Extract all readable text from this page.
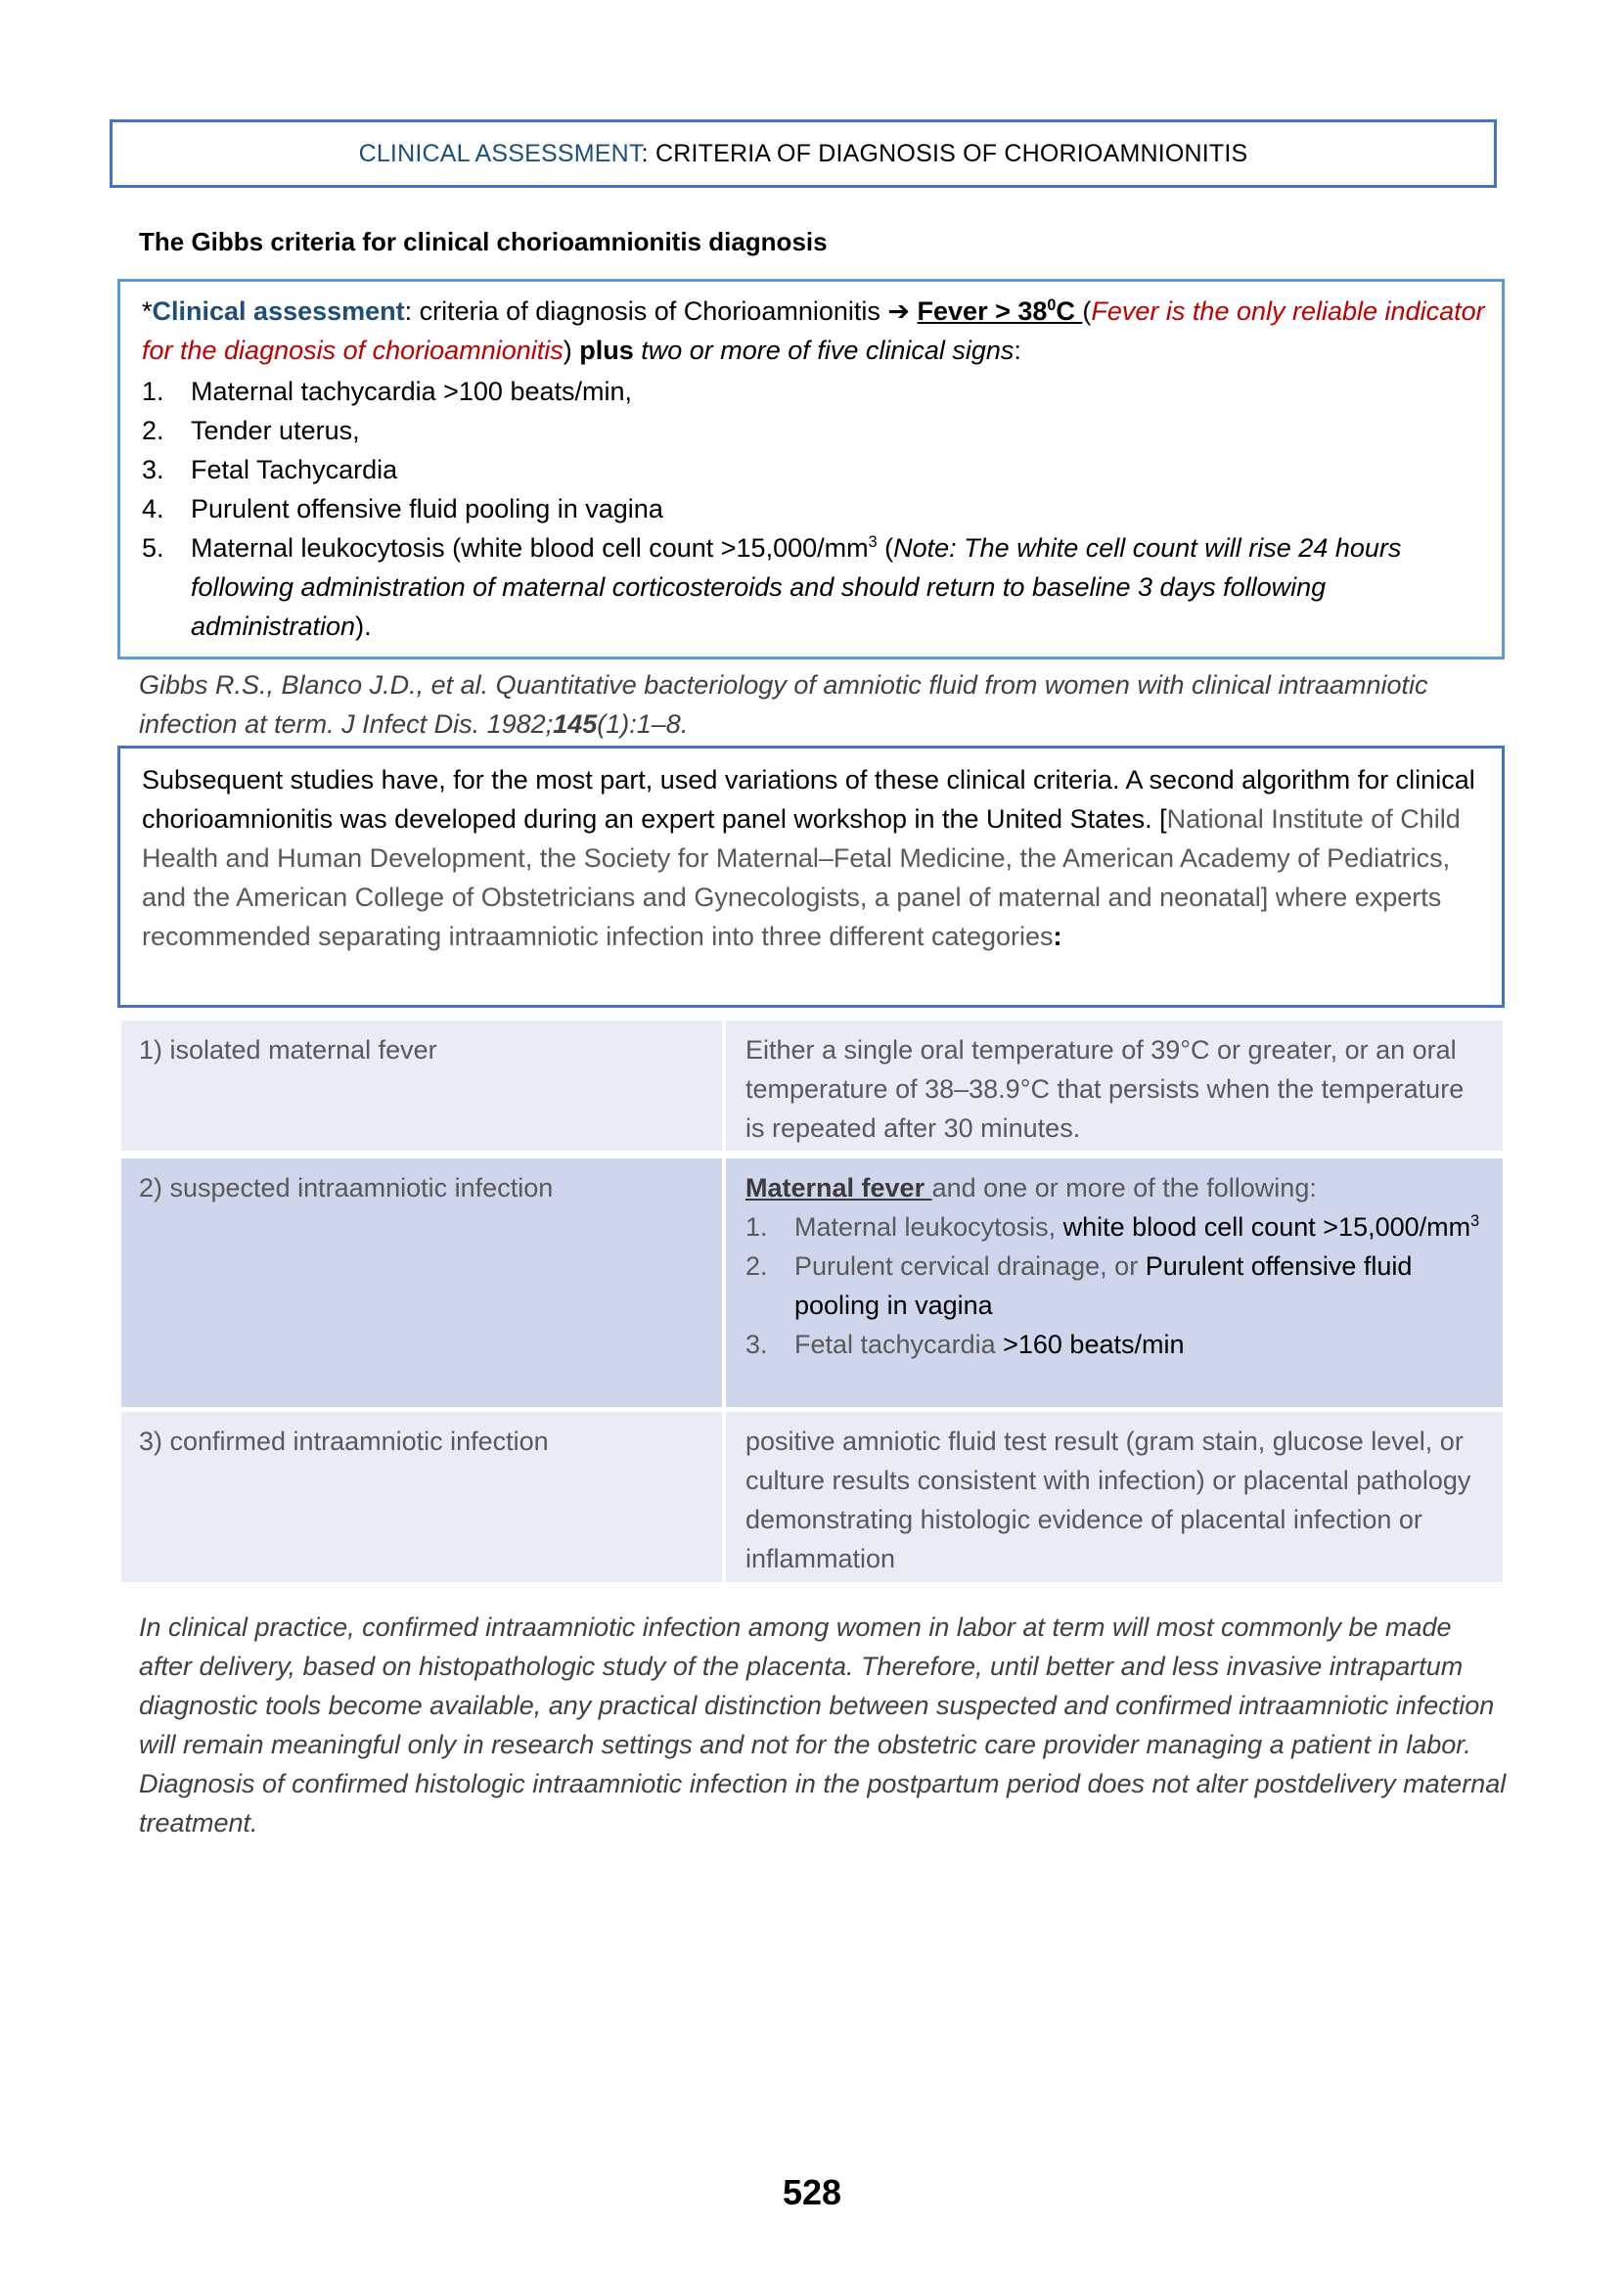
CLINICAL ASSESSMENT: CRITERIA OF DIAGNOSIS OF CHORIOAMNIONITIS
The Gibbs criteria for clinical chorioamnionitis diagnosis
*Clinical assessment: criteria of diagnosis of Chorioamnionitis ➔ Fever > $38^0C$ (Fever is the only reliable indicator for the diagnosis of chorioamnionitis) plus two or more of five clinical signs:
1. Maternal tachycardia >100 beats/min,
2. Tender uterus,
3. Fetal Tachycardia
4. Purulent offensive fluid pooling in vagina
5. Maternal leukocytosis (white blood cell count $>15,000/mm^3$ (Note: The white cell count will rise 24 hours following administration of maternal corticosteroids and should return to baseline 3 days following administration).
Gibbs R.S., Blanco J.D., et al. Quantitative bacteriology of amniotic fluid from women with clinical intraamniotic infection at term. J Infect Dis. 1982;145(1):1–8.
Subsequent studies have, for the most part, used variations of these clinical criteria. A second algorithm for clinical chorioamnionitis was developed during an expert panel workshop in the United States. [National Institute of Child Health and Human Development, the Society for Maternal–Fetal Medicine, the American Academy of Pediatrics, and the American College of Obstetricians and Gynecologists, a panel of maternal and neonatal] where experts recommended separating intraamniotic infection into three different categories:
1) isolated maternal fever	Either a single oral temperature of 39°C or greater, or an oral temperature of 38–38.9°C that persists when the temperature is repeated after 30 minutes.
2) suspected intraamniotic infection	Maternal fever and one or more of the following:
1. Maternal leukocytosis, white blood cell count $>15,000/mm^3$
2. Purulent cervical drainage, or Purulent offensive fluid pooling in vagina
3. Fetal tachycardia >160 beats/min
3) confirmed intraamniotic infection	positive amniotic fluid test result (gram stain, glucose level, or culture results consistent with infection) or placental pathology demonstrating histologic evidence of placental infection or inflammation
In clinical practice, confirmed intraamniotic infection among women in labor at term will most commonly be made after delivery, based on histopathologic study of the placenta. Therefore, until better and less invasive intrapartum diagnostic tools become available, any practical distinction between suspected and confirmed intraamniotic infection will remain meaningful only in research settings and not for the obstetric care provider managing a patient in labor.
Diagnosis of confirmed histologic intraamniotic infection in the postpartum period does not alter postdelivery maternal treatment.
528
